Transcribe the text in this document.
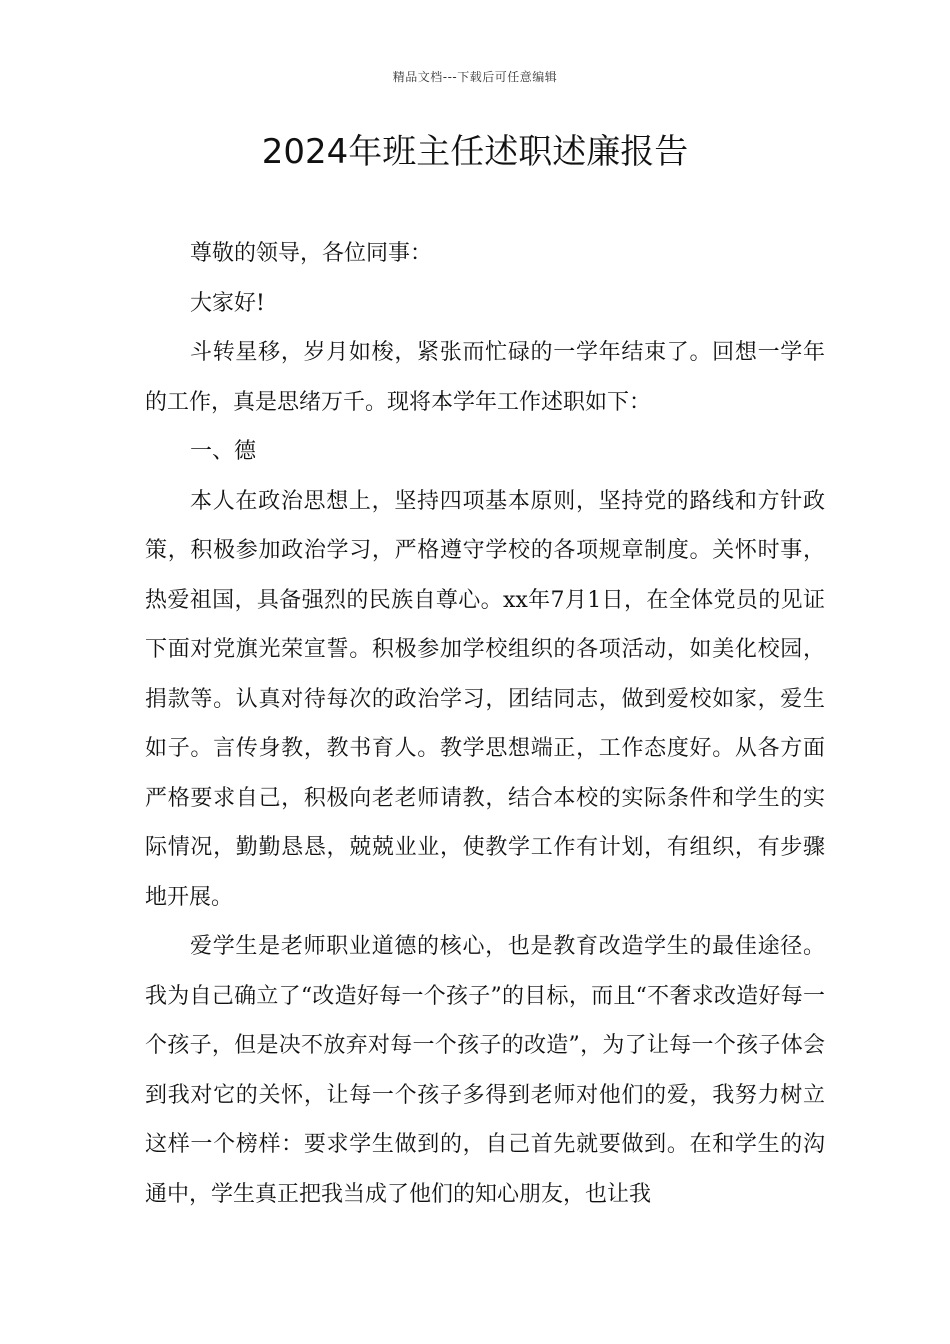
精品文档---下载后可任意编辑
2024年班主任述职述廉报告

尊敬的领导，各位同事：

大家好!

斗转星移，岁月如梭，紧张而忙碌的一学年结束了。回想一学年的工作，真是思绪万千。现将本学年工作述职如下：

一、德

本人在政治思想上，坚持四项基本原则，坚持党的路线和方针政策，积极参加政治学习，严格遵守学校的各项规章制度。关怀时事，热爱祖国，具备强烈的民族自尊心。xx年7月1日，在全体党员的见证下面对党旗光荣宣誓。积极参加学校组织的各项活动，如美化校园，捐款等。认真对待每次的政治学习，团结同志，做到爱校如家，爱生如子。言传身教，教书育人。教学思想端正，工作态度好。从各方面严格要求自己，积极向老老师请教，结合本校的实际条件和学生的实际情况，勤勤恳恳，兢兢业业，使教学工作有计划，有组织，有步骤地开展。

爱学生是老师职业道德的核心，也是教育改造学生的最佳途径。我为自己确立了“改造好每一个孩子”的目标，而且“不奢求改造好每一个孩子，但是决不放弃对每一个孩子的改造”，为了让每一个孩子体会到我对它的关怀，让每一个孩子多得到老师对他们的爱，我努力树立这样一个榜样：要求学生做到的，自己首先就要做到。在和学生的沟通中，学生真正把我当成了他们的知心朋友，也让我
